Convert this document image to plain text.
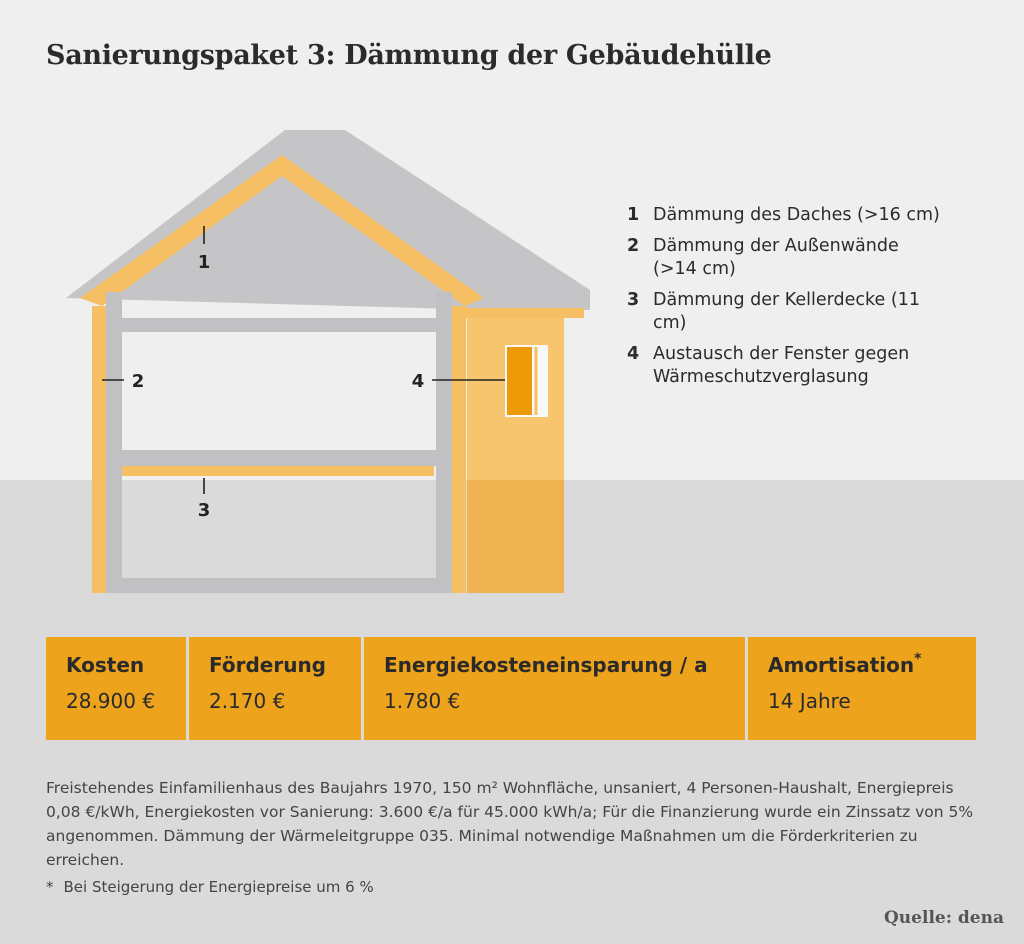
Sanierungspaket 3: Dämmung der Gebäudehülle
1
2
3
4
1 Dämmung des Daches (>16 cm)
2 Dämmung der Außenwände (>14 cm)
3 Dämmung der Kellerdecke (11 cm)
4 Austausch der Fenster gegen Wärmeschutzverglasung
Kosten
28.900 €
Förderung
2.170 €
Energiekosteneinsparung / a
1.780 €
Amortisation*
14 Jahre

Freistehendes Einfamilienhaus des Baujahrs 1970, 150 m² Wohnfläche, unsaniert, 4 Personen-Haushalt, Energiepreis 0,08 €/kWh, Energiekosten vor Sanierung: 3.600 €/a für 45.000 kWh/a; Für die Finanzierung wurde ein Zinssatz von 5% angenommen. Dämmung der Wärmeleitgruppe 035. Minimal notwendige Maßnahmen um die Förderkriterien zu erreichen.

* Bei Steigerung der Energiepreise um 6 %
Quelle: dena
